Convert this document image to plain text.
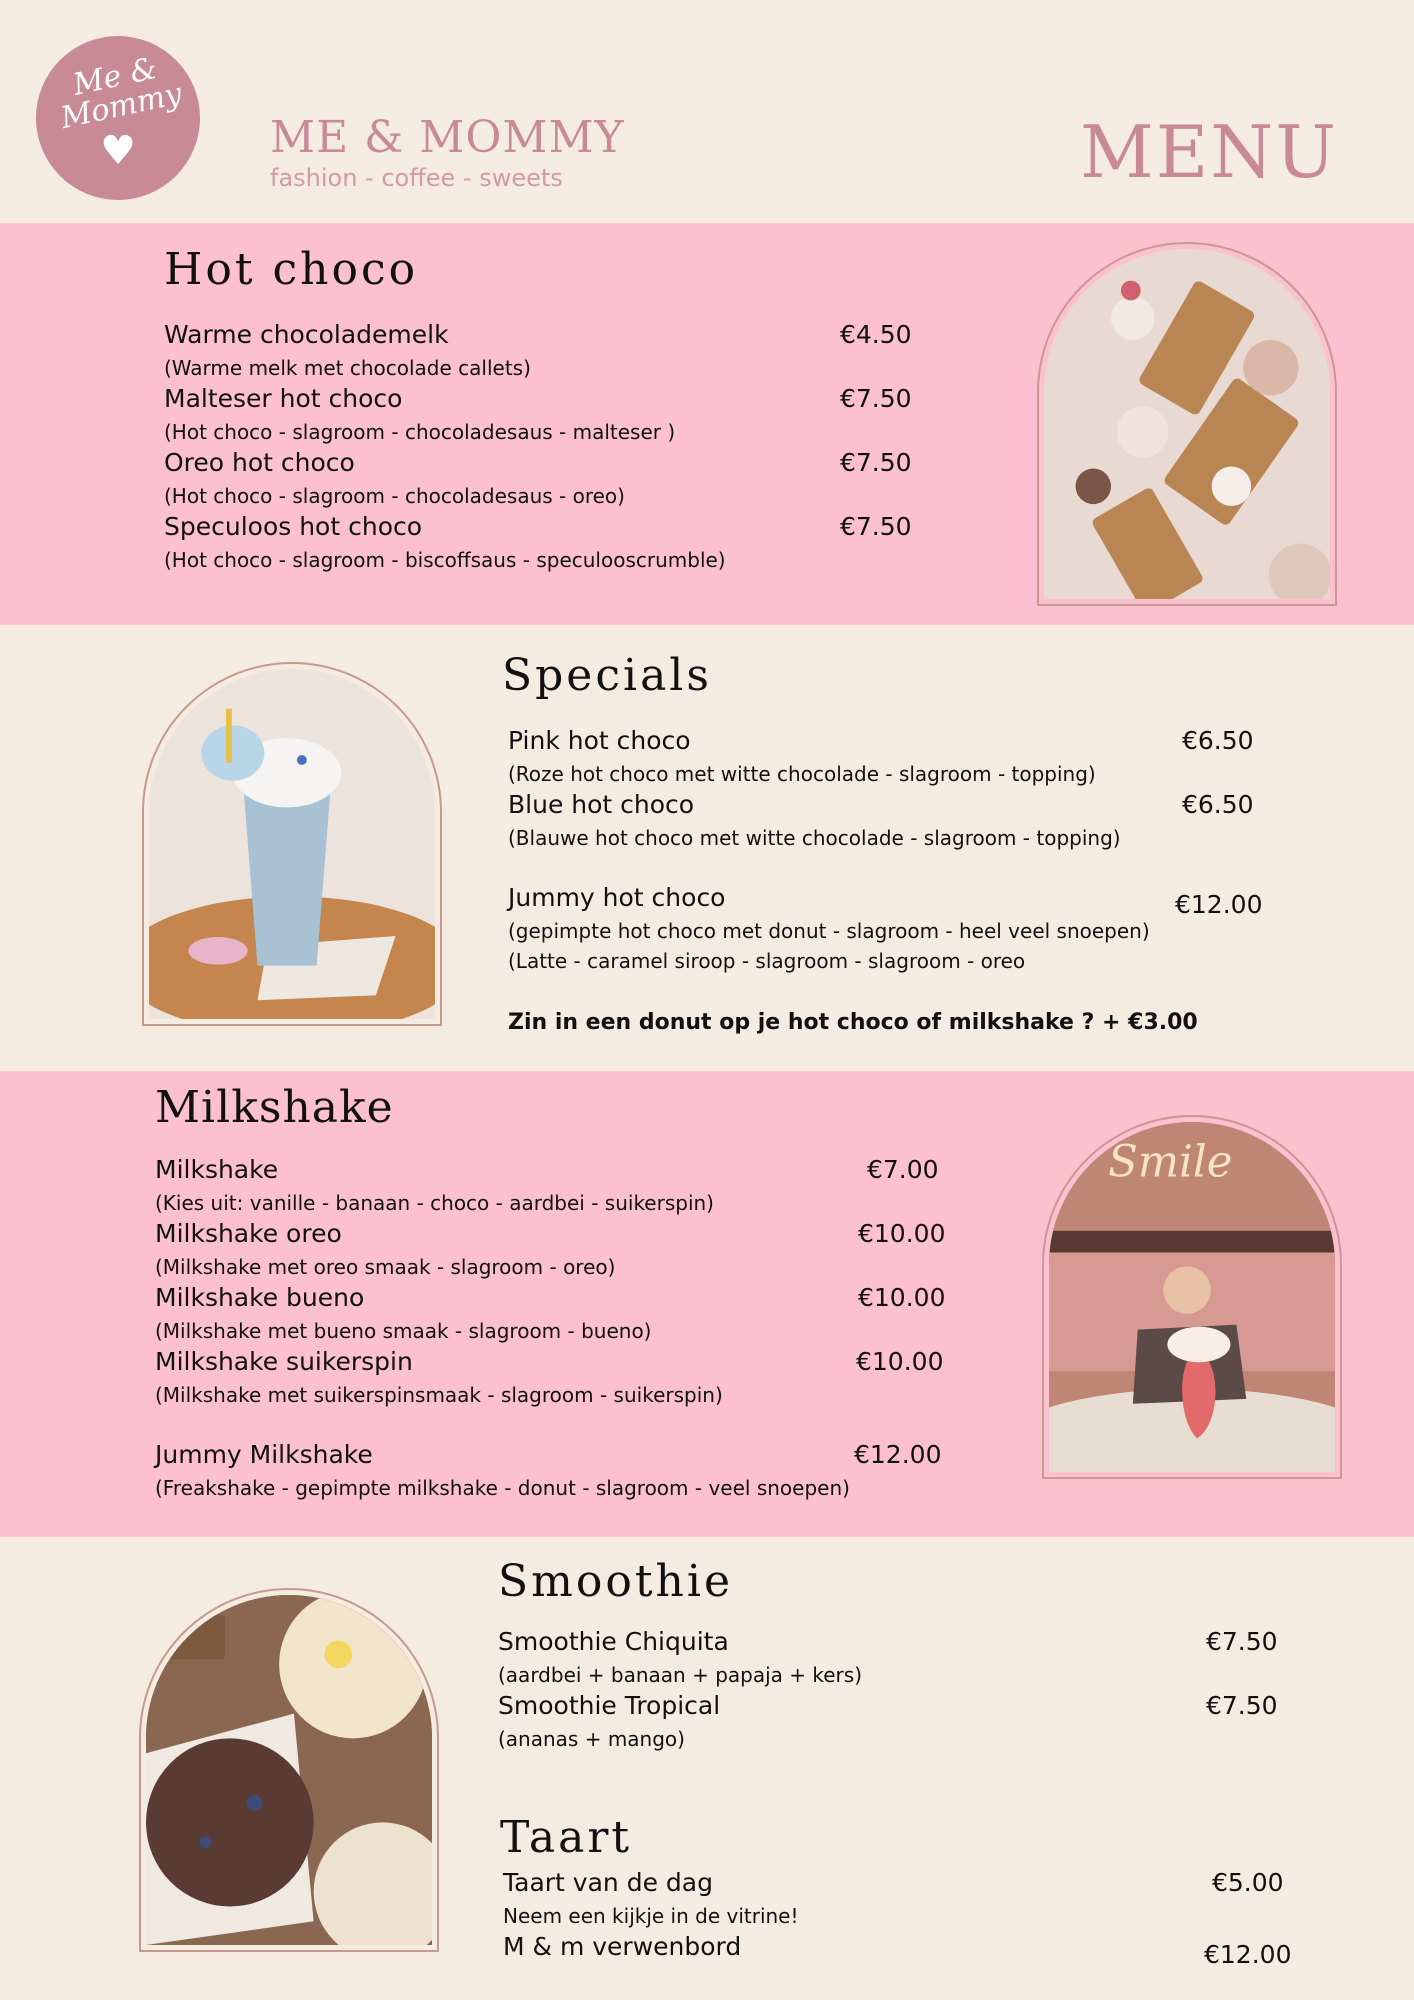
Me &
Mommy
♥	ME & MOMMY
fashion - coffee - sweets	MENU
Hot choco
Warme chocolademelk
(Warme melk met chocolade callets)
€4.50
Malteser hot choco
(Hot choco - slagroom - chocoladesaus - malteser )
€7.50
Oreo hot choco
(Hot choco - slagroom - chocoladesaus - oreo)
€7.50
Speculoos hot choco
(Hot choco - slagroom - biscoffsaus - speculooscrumble)
€7.50
Specials
Pink hot choco
(Roze hot choco met witte chocolade - slagroom - topping)
€6.50
Blue hot choco
(Blauwe hot choco met witte chocolade - slagroom - topping)
€6.50
Jummy hot choco
(gepimpte hot choco met donut - slagroom - heel veel snoepen)
(Latte - caramel siroop - slagroom - slagroom - oreo
€12.00
Zin in een donut op je hot choco of milkshake ? + €3.00
Milkshake
Milkshake
(Kies uit: vanille - banaan - choco - aardbei - suikerspin)
€7.00
Milkshake oreo
(Milkshake met oreo smaak - slagroom - oreo)
€10.00
Milkshake bueno
(Milkshake met bueno smaak - slagroom - bueno)
€10.00
Milkshake suikerspin
(Milkshake met suikerspinsmaak - slagroom - suikerspin)
€10.00
Jummy Milkshake
(Freakshake - gepimpte milkshake - donut - slagroom - veel snoepen)
€12.00
Smile
Smoothie
Smoothie Chiquita
(aardbei + banaan + papaja + kers)
€7.50
Smoothie Tropical
(ananas + mango)
€7.50
Taart
Taart van de dag
Neem een kijkje in de vitrine!
€5.00
M & m verwenbord	€12.00
